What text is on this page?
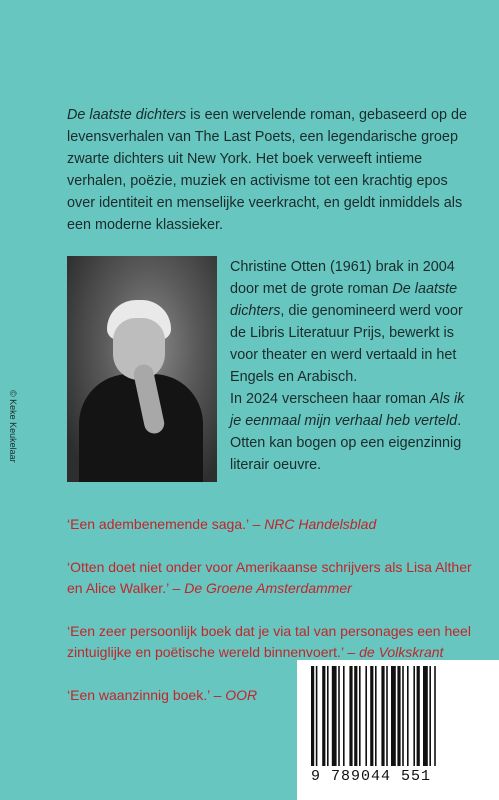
De laatste dichters is een wervelende roman, gebaseerd op de levensverhalen van The Last Poets, een legendarische groep zwarte dichters uit New York. Het boek verweeft intieme verhalen, poëzie, muziek en activisme tot een krachtig epos over identiteit en menselijke veerkracht, en geldt inmiddels als een moderne klassieker.

© Keke Keukelaar

Christine Otten (1961) brak in 2004 door met de grote roman De laatste dichters, die genomineerd werd voor de Libris Literatuur Prijs, bewerkt is voor theater en werd vertaald in het Engels en Arabisch.
In 2024 verscheen haar roman Als ik je eenmaal mijn verhaal heb verteld. Otten kan bogen op een eigenzinnig literair oeuvre.

‘Een adembenemende saga.’ – NRC Handelsblad

‘Otten doet niet onder voor Amerikaanse schrijvers als Lisa Alther en Alice Walker.’ – De Groene Amsterdammer

‘Een zeer persoonlijk boek dat je via tal van personages een heel zintuiglijke en poëtische wereld binnenvoert.’ – de Volkskrant

‘Een waanzinnig boek.’ – OOR

9 789044 551
